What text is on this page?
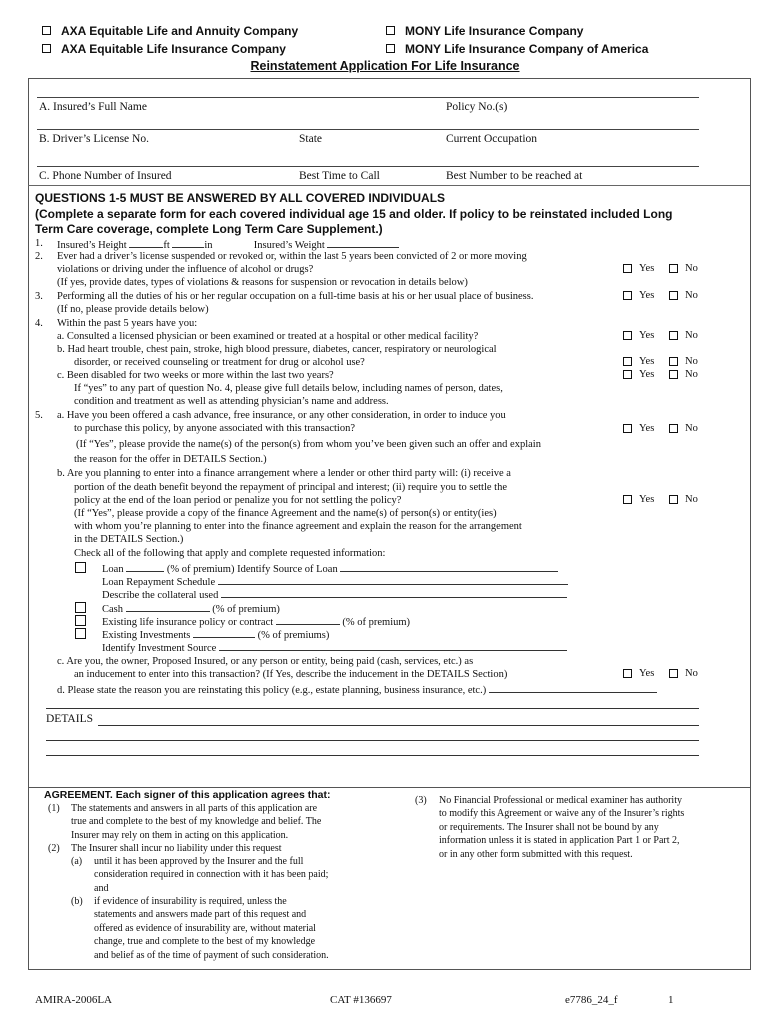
AXA Equitable Life and Annuity Company
AXA Equitable Life Insurance Company
MONY Life Insurance Company
MONY Life Insurance Company of America
Reinstatement Application For Life Insurance
A. Insured’s Full Name	Policy No.(s)
B. Driver’s License No.	State	Current Occupation
C. Phone Number of Insured	Best Time to Call	Best Number to be reached at
QUESTIONS 1-5 MUST BE ANSWERED BY ALL COVERED INDIVIDUALS
(Complete a separate form for each covered individual age 15 and older. If policy to be reinstated included Long
Term Care coverage, complete Long Term Care Supplement.)
1. Insured’s Height	ft	in	Insured’s Weight
2. Ever had a driver’s license suspended or revoked or, within the last 5 years been convicted of 2 or more moving
violations or driving under the influence of alcohol or drugs?
(If yes, provide dates, types of violations & reasons for suspension or revocation in details below)
Yes	No
3. Performing all the duties of his or her regular occupation on a full-time basis at his or her usual place of business.
(If no, please provide details below)
Yes	No
4. Within the past 5 years have you:
a. Consulted a licensed physician or been examined or treated at a hospital or other medical facility?	Yes	No
b. Had heart trouble, chest pain, stroke, high blood pressure, diabetes, cancer, respiratory or neurological
disorder, or received counseling or treatment for drug or alcohol use?	Yes	No
c. Been disabled for two weeks or more within the last two years?	Yes	No
If “yes” to any part of question No. 4, please give full details below, including names of person, dates,
condition and treatment as well as attending physician’s name and address.
5. a. Have you been offered a cash advance, free insurance, or any other consideration, in order to induce you
to purchase this policy, by anyone associated with this transaction?	Yes	No
(If “Yes”, please provide the name(s) of the person(s) from whom you’ve been given such an offer and explain
the reason for the offer in DETAILS Section.)
b. Are you planning to enter into a finance arrangement where a lender or other third party will: (i) receive a
portion of the death benefit beyond the repayment of principal and interest; (ii) require you to settle the
policy at the end of the loan period or penalize you for not settling the policy?	Yes	No
(If “Yes”, please provide a copy of the finance Agreement and the name(s) of person(s) or entity(ies)
with whom you’re planning to enter into the finance agreement and explain the reason for the arrangement
in the DETAILS Section.)
Check all of the following that apply and complete requested information:
Loan	(% of premium) Identify Source of Loan
Loan Repayment Schedule
Describe the collateral used
Cash	(% of premium)
Existing life insurance policy or contract	(% of premium)
Existing Investments	(% of premiums)
Identify Investment Source
c. Are you, the owner, Proposed Insured, or any person or entity, being paid (cash, services, etc.) as
an inducement to enter into this transaction? (If Yes, describe the inducement in the DETAILS Section)	Yes	No
d. Please state the reason you are reinstating this policy (e.g., estate planning, business insurance, etc.)
DETAILS
AGREEMENT. Each signer of this application agrees that:
(1) The statements and answers in all parts of this application are
true and complete to the best of my knowledge and belief. The
Insurer may rely on them in acting on this application.
(2) The Insurer shall incur no liability under this request
(a) until it has been approved by the Insurer and the full
consideration required in connection with it has been paid;
and
(b) if evidence of insurability is required, unless the
statements and answers made part of this request and
offered as evidence of insurability are, without material
change, true and complete to the best of my knowledge
and belief as of the time of payment of such consideration.
(3) No Financial Professional or medical examiner has authority
to modify this Agreement or waive any of the Insurer’s rights
or requirements. The Insurer shall not be bound by any
information unless it is stated in application Part 1 or Part 2,
or in any other form submitted with this request.
AMIRA-2006LA	CAT #136697	e7786_24_f	1
